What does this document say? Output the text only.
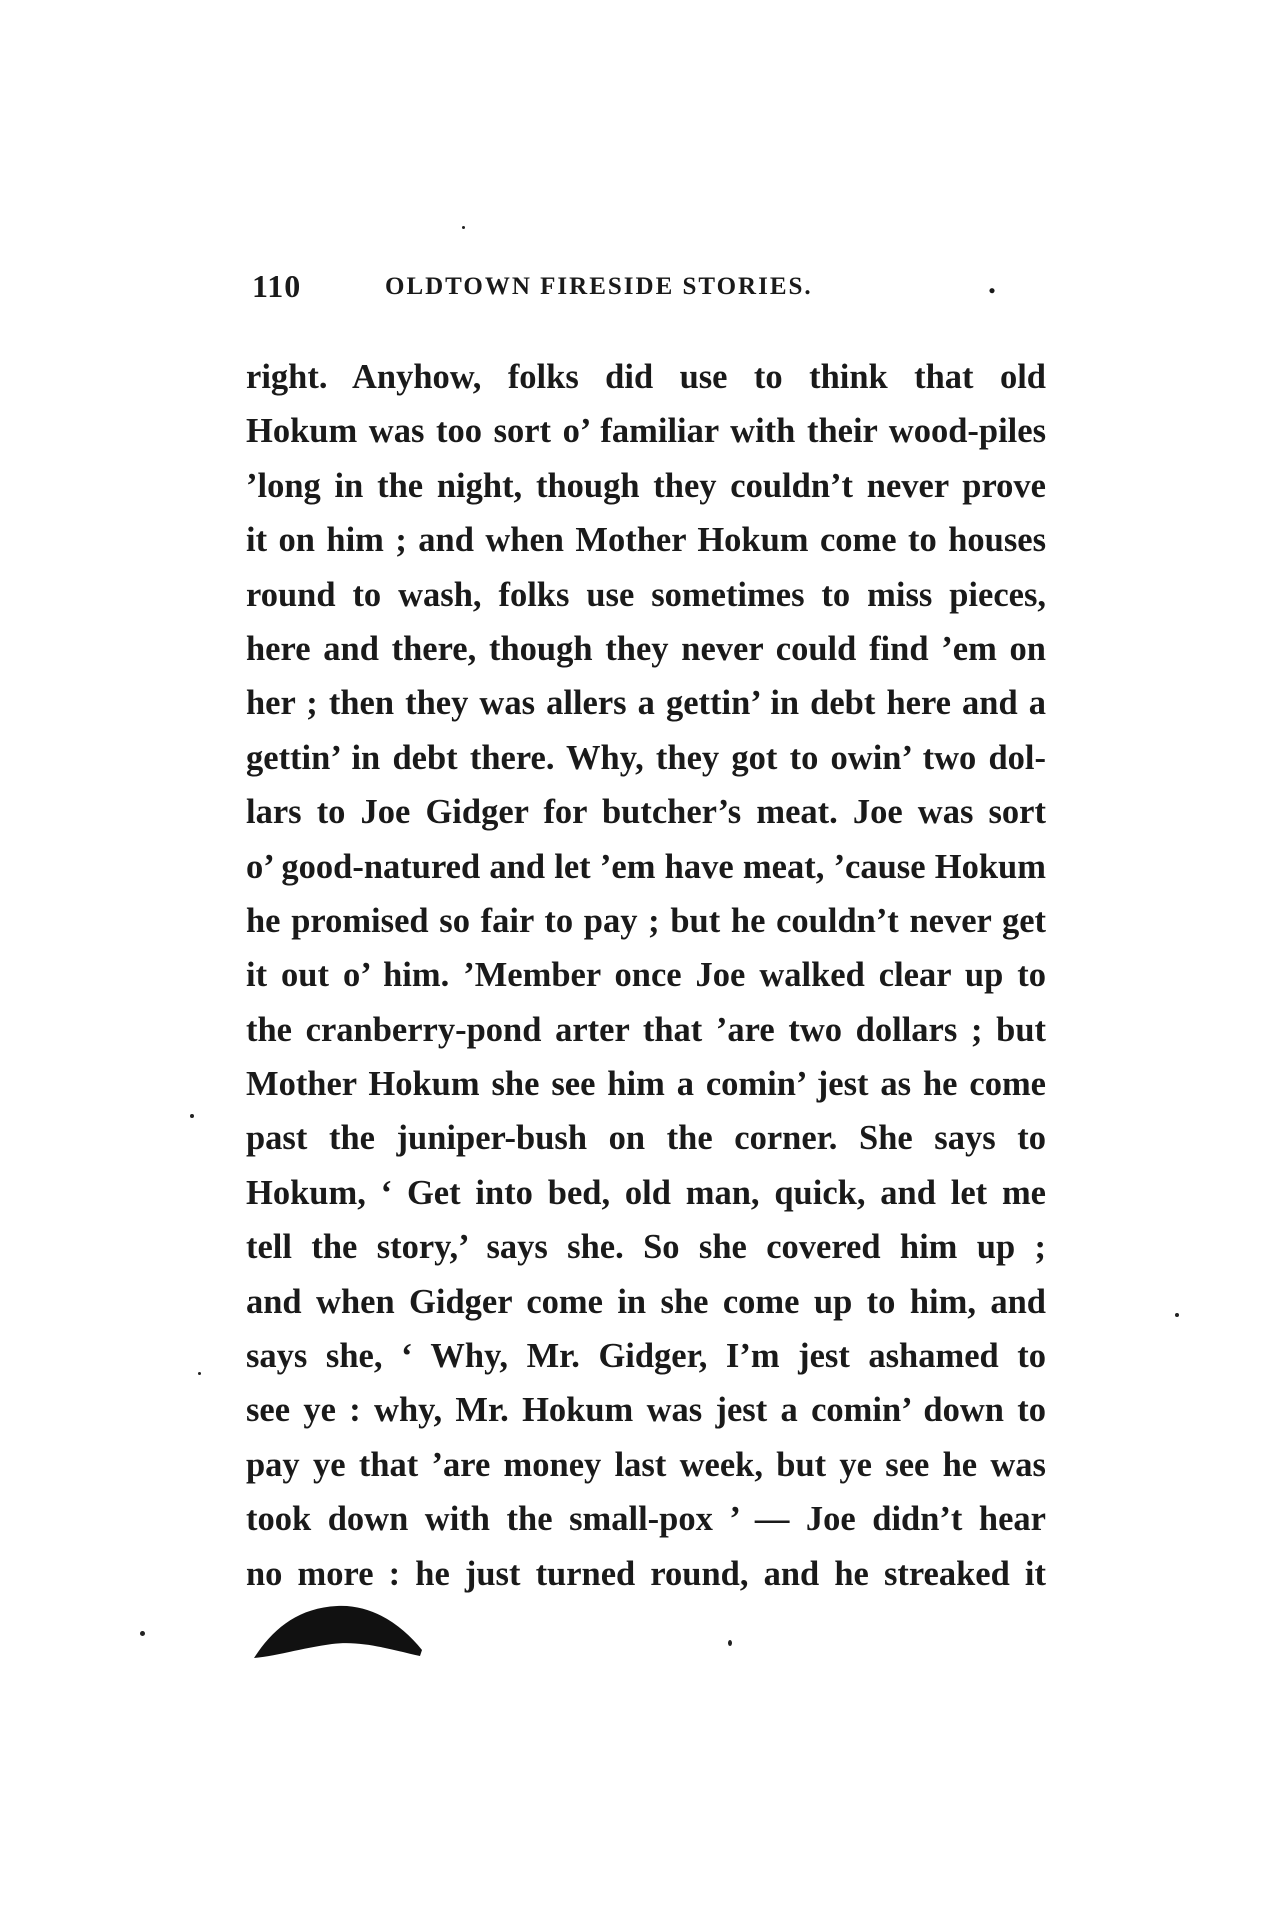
110	OLDTOWN FIRESIDE STORIES.	.
right. Anyhow, folks did use to think that old
Hokum was too sort o’ familiar with their wood-piles
’long in the night, though they couldn’t never prove
it on him ; and when Mother Hokum come to houses
round to wash, folks use sometimes to miss pieces,
here and there, though they never could find ’em on
her ; then they was allers a gettin’ in debt here and a
gettin’ in debt there. Why, they got to owin’ two dol-
lars to Joe Gidger for butcher’s meat. Joe was sort
o’ good-natured and let ’em have meat, ’cause Hokum
he promised so fair to pay ; but he couldn’t never get
it out o’ him. ’Member once Joe walked clear up to
the cranberry-pond arter that ’are two dollars ; but
Mother Hokum she see him a comin’ jest as he come
past the juniper-bush on the corner. She says to
Hokum, ‘ Get into bed, old man, quick, and let me
tell the story,’ says she. So she covered him up ;
and when Gidger come in she come up to him, and
says she, ‘ Why, Mr. Gidger, I’m jest ashamed to
see ye : why, Mr. Hokum was jest a comin’ down to
pay ye that ’are money last week, but ye see he was
took down with the small-pox ’ — Joe didn’t hear
no more : he just turned round, and he streaked it
